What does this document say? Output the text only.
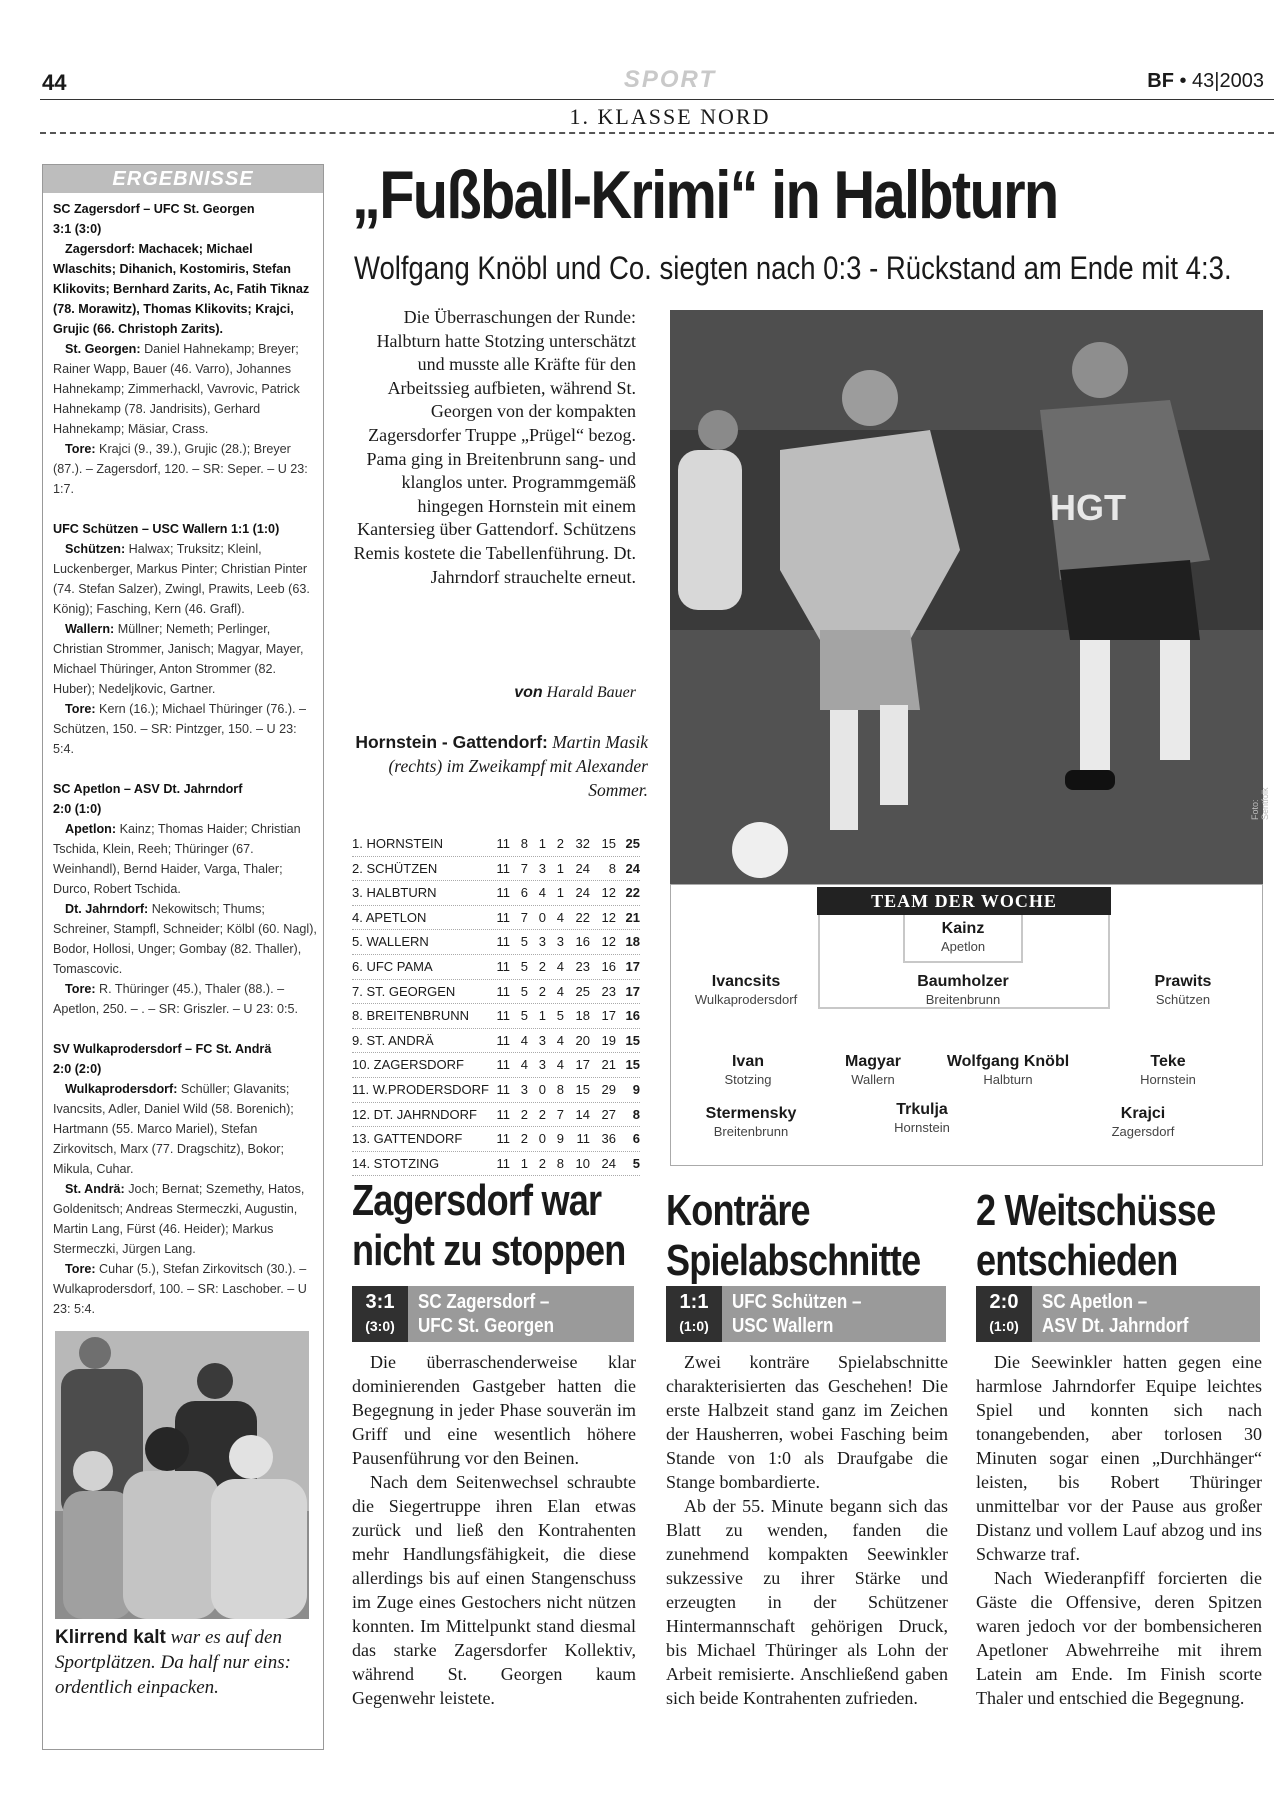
44	SPORT	BF • 43|2003
1. KLASSE NORD
ERGEBNISSE
SC Zagersdorf – UFC St. Georgen
3:1 (3:0)
Zagersdorf: Machacek; Michael Wlaschits; Dihanich, Kostomiris, Stefan Klikovits; Bernhard Zarits, Ac, Fatih Tiknaz (78. Morawitz), Thomas Klikovits; Krajci, Grujic (66. Christoph Zarits).
St. Georgen: Daniel Hahnekamp; Breyer; Rainer Wapp, Bauer (46. Varro), Johannes Hahnekamp; Zimmerhackl, Vavrovic, Patrick Hahnekamp (78. Jandrisits), Gerhard Hahnekamp; Mäsiar, Crass.
Tore: Krajci (9., 39.), Grujic (28.); Breyer (87.). – Zagersdorf, 120. – SR: Seper. – U 23: 1:7.
UFC Schützen – USC Wallern 1:1 (1:0)
Schützen: Halwax; Truksitz; Kleinl, Luckenberger, Markus Pinter; Christian Pinter (74. Stefan Salzer), Zwingl, Prawits, Leeb (63. König); Fasching, Kern (46. Grafl).
Wallern: Müllner; Nemeth; Perlinger, Christian Strommer, Janisch; Magyar, Mayer, Michael Thüringer, Anton Strommer (82. Huber); Nedeljkovic, Gartner.
Tore: Kern (16.); Michael Thüringer (76.). – Schützen, 150. – SR: Pintzger, 150. – U 23: 5:4.
SC Apetlon – ASV Dt. Jahrndorf
2:0 (1:0)
Apetlon: Kainz; Thomas Haider; Christian Tschida, Klein, Reeh; Thüringer (67. Weinhandl), Bernd Haider, Varga, Thaler; Durco, Robert Tschida.
Dt. Jahrndorf: Nekowitsch; Thums; Schreiner, Stampfl, Schneider; Kölbl (60. Nagl), Bodor, Hollosi, Unger; Gombay (82. Thaller), Tomascovic.
Tore: R. Thüringer (45.), Thaler (88.). – Apetlon, 250. – . – SR: Griszler. – U 23: 0:5.
SV Wulkaprodersdorf – FC St. Andrä
2:0 (2:0)
Wulkaprodersdorf: Schüller; Glavanits; Ivancsits, Adler, Daniel Wild (58. Borenich); Hartmann (55. Marco Mariel), Stefan Zirkovitsch, Marx (77. Dragschitz), Bokor; Mikula, Cuhar.
St. Andrä: Joch; Bernat; Szemethy, Hatos, Goldenitsch; Andreas Stermeczki, Augustin, Martin Lang, Fürst (46. Heider); Markus Stermeczki, Jürgen Lang.
Tore: Cuhar (5.), Stefan Zirkovitsch (30.). – Wulkaprodersdorf, 100. – SR: Laschober. – U 23: 5:4.
Klirrend kalt war es auf den Sportplätzen. Da half nur eins: ordentlich einpacken.
„Fußball-Krimi“ in Halbturn
Wolfgang Knöbl und Co. siegten nach 0:3 - Rückstand am Ende mit 4:3.
Die Überraschungen der Runde: Halbturn hatte Stotzing unterschätzt und musste alle Kräfte für den Arbeitssieg aufbieten, während St. Georgen von der kompakten Zagersdorfer Truppe „Prügel“ bezog. Pama ging in Breitenbrunn sang- und klanglos unter. Programmgemäß hingegen Hornstein mit einem Kantersieg über Gattendorf. Schützens Remis kostete die Tabellenführung. Dt. Jahrndorf strauchelte erneut.
von Harald Bauer
Hornstein - Gattendorf: Martin Masik (rechts) im Zweikampf mit Alexander Sommer.
1. HORNSTEIN	11 8 1 2 32 15 25
2. SCHÜTZEN	11 7 3 1 24	8 24
3. HALBTURN	11 6 4 1 24 12 22
4. APETLON	11 7 0 4 22 12 21
5. WALLERN	11 5 3 3 16 12 18
6. UFC PAMA	11 5 2 4 23 16 17
7. ST. GEORGEN	11 5 2 4 25 23 17
8. BREITENBRUNN	11 5 1 5 18 17 16
9. ST. ANDRÄ	11 4 3 4 20 19 15
10. ZAGERSDORF	11 4 3 4 17 21 15
11. W.PRODERSDORF 11 3 0 8 15 29	9
12. DT. JAHRNDORF	11 2 2 7 14 27	8
13. GATTENDORF	11 2 0 9 11 36	6
14. STOTZING	11 1 2 8 10 24	5
HGT
Foto: Sentfolk
TEAM DER WOCHE
Kainz
Apetlon
Ivancsits
Wulkaprodersdorf
Baumholzer
Breitenbrunn
Prawits
Schützen
Ivan
Stotzing
Magyar
Wallern
Wolfgang Knöbl
Halbturn
Teke
Hornstein
Stermensky
Breitenbrunn
Trkulja
Hornstein
Krajci
Zagersdorf
Zagersdorf war
nicht zu stoppen
3:1
(3:0)
SC Zagersdorf –
UFC St. Georgen

Die überraschenderweise klar dominierenden Gastgeber hatten die Begegnung in jeder Phase souverän im Griff und eine wesentlich höhere Pausenführung vor den Beinen.

Nach dem Seitenwechsel schraubte die Siegertruppe ihren Elan etwas zurück und ließ den Kontrahenten mehr Handlungsfähigkeit, die diese allerdings bis auf einen Stangenschuss im Zuge eines Gestochers nicht nützen konnten. Im Mittelpunkt stand diesmal das starke Zagersdorfer Kollektiv, während St. Georgen kaum Gegenwehr leistete.

Konträre
Spielabschnitte
1:1
(1:0)
UFC Schützen –
USC Wallern

Zwei konträre Spielabschnitte charakterisierten das Geschehen! Die erste Halbzeit stand ganz im Zeichen der Hausherren, wobei Fasching beim Stande von 1:0 als Draufgabe die Stange bombardierte.

Ab der 55. Minute begann sich das Blatt zu wenden, fanden die zunehmend kompakten Seewinkler sukzessive zu ihrer Stärke und erzeugten in der Schützener Hintermannschaft gehörigen Druck, bis Michael Thüringer als Lohn der Arbeit remisierte. Anschließend gaben sich beide Kontrahenten zufrieden.

2 Weitschüsse
entschieden
2:0
(1:0)
SC Apetlon –
ASV Dt. Jahrndorf

Die Seewinkler hatten gegen eine harmlose Jahrndorfer Equipe leichtes Spiel und konnten sich nach tonangebenden, aber torlosen 30 Minuten sogar einen „Durchhänger“ leisten, bis Robert Thüringer unmittelbar vor der Pause aus großer Distanz und vollem Lauf abzog und ins Schwarze traf.

Nach Wiederanpfiff forcierten die Gäste die Offensive, deren Spitzen waren jedoch vor der bombensicheren Apetloner Abwehrreihe mit ihrem Latein am Ende. Im Finish scorte Thaler und entschied die Begegnung.
